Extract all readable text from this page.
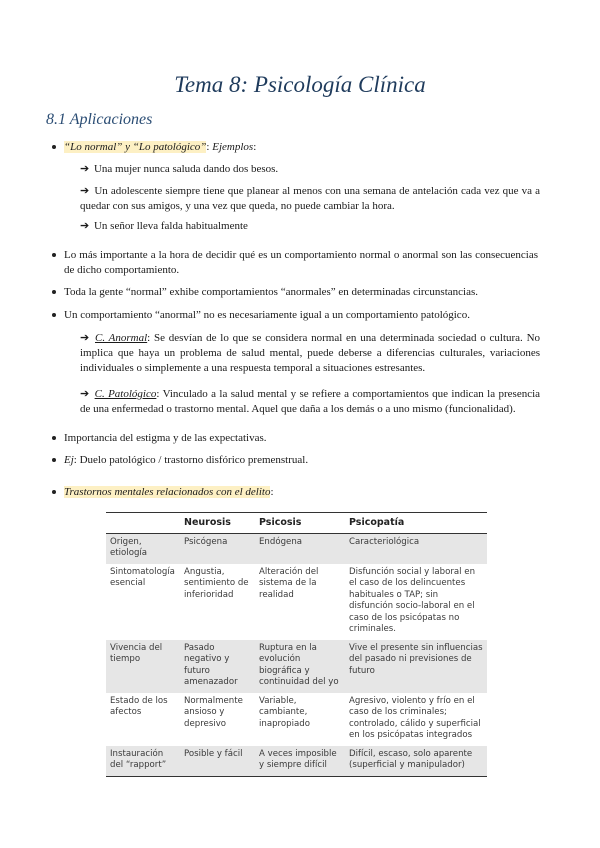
Tema 8: Psicología Clínica
8.1 Aplicaciones
“Lo normal” y “Lo patológico”: Ejemplos:
➔ Una mujer nunca saluda dando dos besos.
➔ Un adolescente siempre tiene que planear al menos con una semana de antelación cada vez que va a quedar con sus amigos, y una vez que queda, no puede cambiar la hora.
➔ Un señor lleva falda habitualmente
Lo más importante a la hora de decidir qué es un comportamiento normal o anormal son las consecuencias de dicho comportamiento.
Toda la gente “normal” exhibe comportamientos “anormales” en determinadas circunstancias.
Un comportamiento “anormal” no es necesariamente igual a un comportamiento patológico.
➔ C. Anormal: Se desvían de lo que se considera normal en una determinada sociedad o cultura. No implica que haya un problema de salud mental, puede deberse a diferencias culturales, variaciones individuales o simplemente a una respuesta temporal a situaciones estresantes.
➔ C. Patológico: Vinculado a la salud mental y se refiere a comportamientos que indican la presencia de una enfermedad o trastorno mental. Aquel que daña a los demás o a uno mismo (funcionalidad).
Importancia del estigma y de las expectativas.
Ej: Duelo patológico / trastorno disfórico premenstrual.
Trastornos mentales relacionados con el delito:
	Neurosis	Psicosis	Psicopatía
Origen, etiología	Psicógena	Endógena	Caracteriológica
Sintomatología esencial	Angustia, sentimiento de inferioridad	Alteración del sistema de la realidad	Disfunción social y laboral en el caso de los delincuentes habituales o TAP; sin disfunción socio-laboral en el caso de los psicópatas no criminales.
Vivencia del tiempo	Pasado negativo y futuro amenazador	Ruptura en la evolución biográfica y continuidad del yo	Vive el presente sin influencias del pasado ni previsiones de futuro
Estado de los afectos	Normalmente ansioso y depresivo	Variable, cambiante, inapropiado	Agresivo, violento y frío en el caso de los criminales; controlado, cálido y superficial en los psicópatas integrados
Instauración del “rapport”	Posible y fácil	A veces imposible y siempre difícil	Difícil, escaso, solo aparente (superficial y manipulador)
